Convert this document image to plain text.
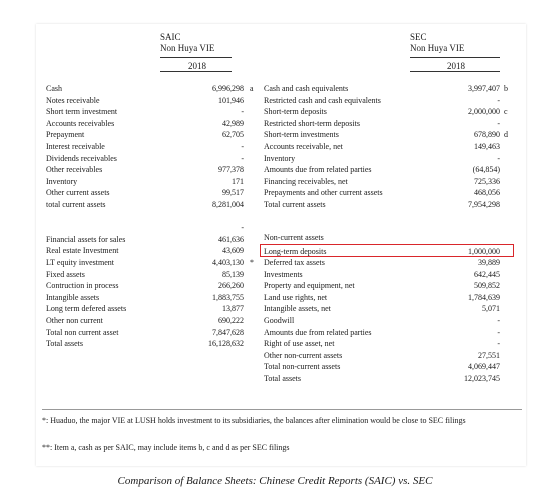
SAIC
Non Huya VIE
2018
SEC
Non Huya VIE
2018
Cash	6,996,298 a
Notes receivable	101,946
Short term investment	-
Accounts receivables	42,989
Prepayment	62,705
Interest receivable	-
Dividends receivables	-
Other receivables	977,378
Inventory	171
Other current assets	99,517
total current assets	8,281,004
-
Financial assets for sales	461,636
Real estate Investment	43,609
LT equity investment	4,403,130 *
Fixed assets	85,139
Contruction in process	266,260
Intangible assets	1,883,755
Long term defered assets	13,877
Other non current	690,222
Total non current asset	7,847,628
Total assets	16,128,632
Cash and cash equivalents	3,997,407 b
Restricted cash and cash equivalents	-
Short-term deposits	2,000,000 c
Restricted short-term deposits	-
Short-term investments	678,890 d
Accounts receivable, net	149,463
Inventory	-
Amounts due from related parties	(64,854)
Financing receivables, net	725,336
Prepayments and other current assets	468,056
Total current assets	7,954,298
Non-current assets
Long-term deposits	1,000,000
Deferred tax assets	39,889
Investments	642,445
Property and equipment, net	509,852
Land use rights, net	1,784,639
Intangible assets, net	5,071
Goodwill	-
Amounts due from related parties	-
Right of use asset, net	-
Other non-current assets	27,551
Total non-current assets	4,069,447
Total assets	12,023,745
*: Huaduo, the major VIE at LUSH holds investment to its subsidiaries, the balances after elimination would be close to SEC filings
**: Item a, cash as per SAIC, may include items b, c and d as per SEC filings
Comparison of Balance Sheets: Chinese Credit Reports (SAIC) vs. SEC
